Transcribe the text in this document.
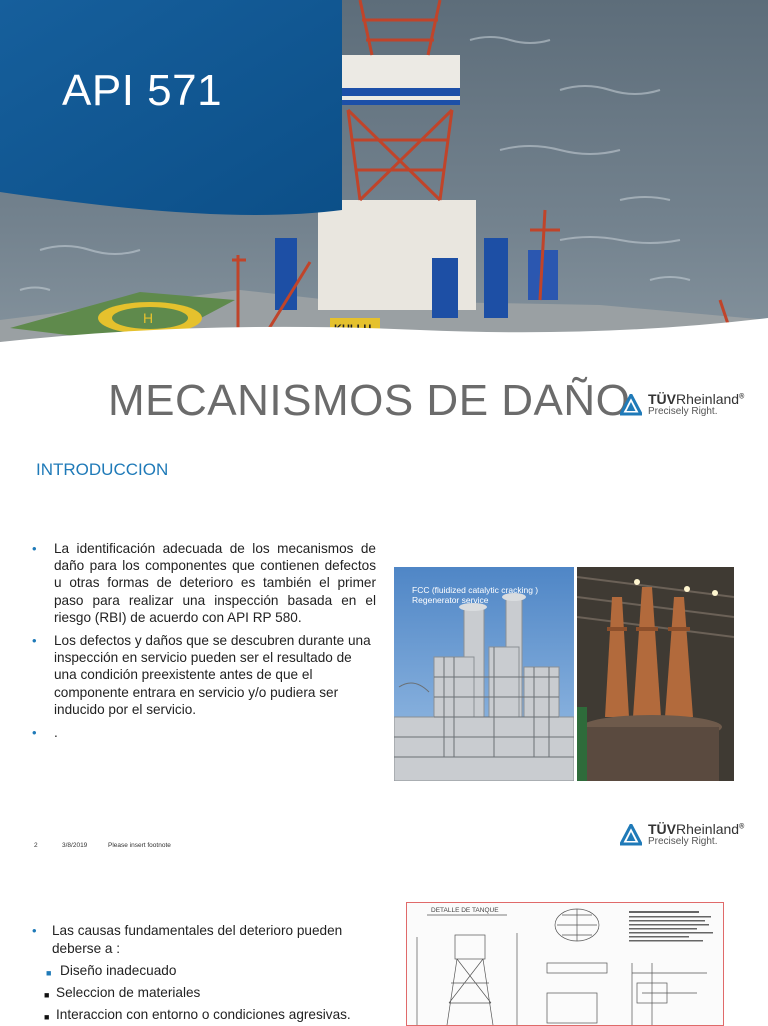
H
API 571
MECANISMOS DE DAÑO TÜVRheinland®
Precisely Right.
INTRODUCCION
• La identificación adecuada de los mecanismos de daño para los componentes que contienen defectos u otras formas de deterioro es también el primer paso para realizar una inspección basada en el riesgo (RBI) de acuerdo con API RP 580.
• Los defectos y daños que se descubren durante una inspección en servicio pueden ser el resultado de una condición preexistente antes de que el componente entrara en servicio y/o pudiera ser inducido por el servicio.
• .
FCC (fluidized catalytic cracking ) Regenerator service
2	3/8/2019	Please insert footnote
TÜVRheinland®
Precisely Right.
• Las causas fundamentales del deterioro pueden deberse a :
■ Diseño inadecuado
■ Seleccion de materiales
■ Interaccion con entorno o condiciones agresivas.
DETALLE DE TANQUE
